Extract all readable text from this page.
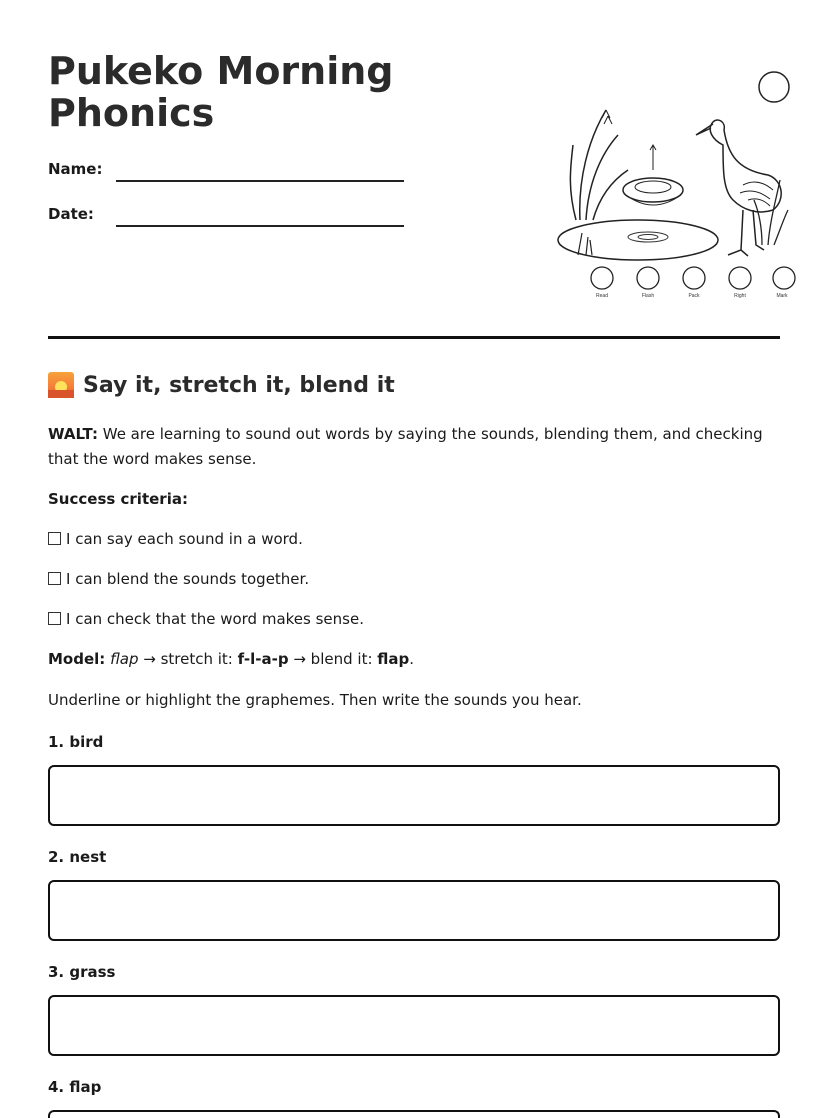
Pukeko Morning Phonics
Name:
Date:
Read	Flash	Pack	Right	Mark
Say it, stretch it, blend it
WALT: We are learning to sound out words by saying the sounds, blending them, and checking that the word makes sense.
Success criteria:
I can say each sound in a word.
I can blend the sounds together.
I can check that the word makes sense.
Model: flap → stretch it: f-l-a-p → blend it: flap.
Underline or highlight the graphemes. Then write the sounds you hear.
1. bird
2. nest
3. grass
4. flap
